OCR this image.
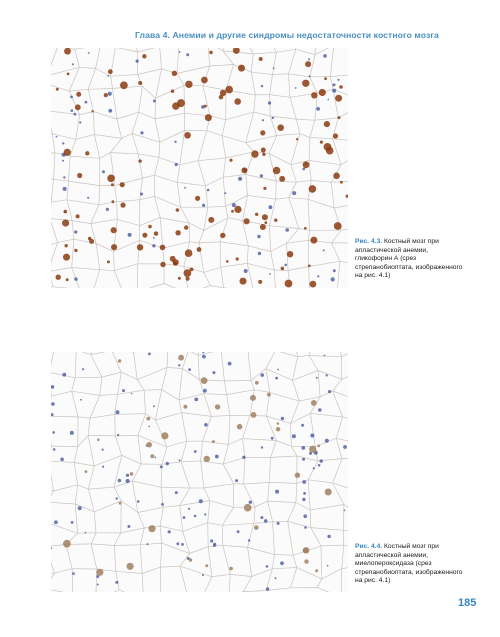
Глава 4. Анемии и другие синдромы недостаточности костного мозга
Рис. 4.3. Костный мозг при апластической анемии, гликофорин А (срез стрепанобиоптата, изображенного на рис. 4.1)
Рис. 4.4. Костный мозг при апластической анемии, миелопероксидаза (срез стрепанобиоптата, изображенного на рис. 4.1)
185
